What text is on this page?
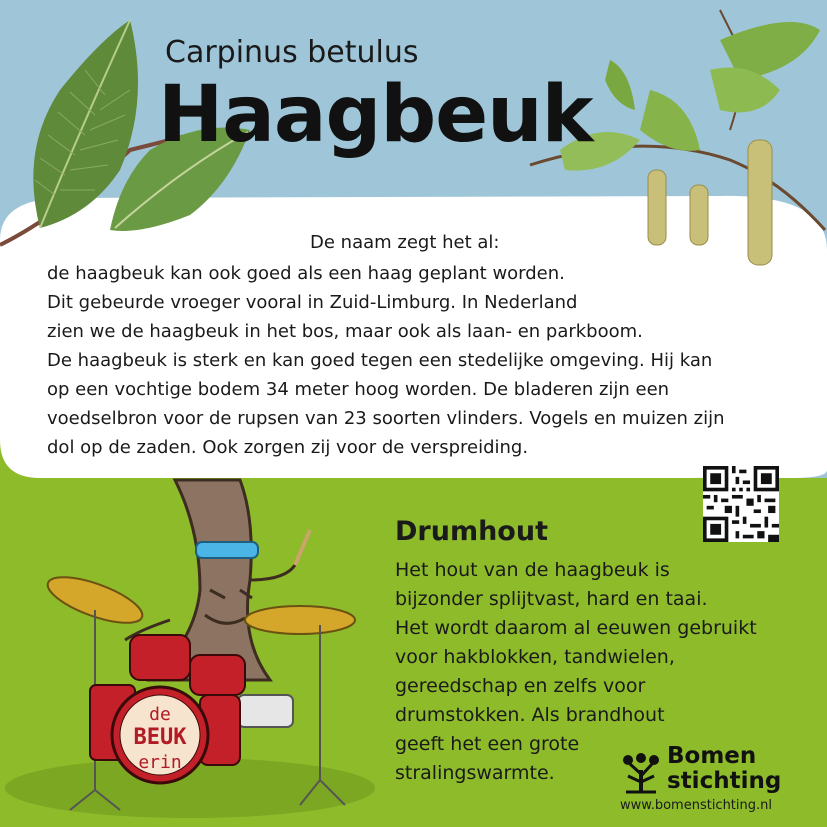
Carpinus betulus
Haagbeuk
De naam zegt het al:
de haagbeuk kan ook goed als een haag geplant worden.
Dit gebeurde vroeger vooral in Zuid-Limburg. In Nederland
zien we de haagbeuk in het bos, maar ook als laan- en parkboom.
De haagbeuk is sterk en kan goed tegen een stedelijke omgeving. Hij kan
op een vochtige bodem 34 meter hoog worden. De bladeren zijn een
voedselbron voor de rupsen van 23 soorten vlinders. Vogels en muizen zijn
dol op de zaden. Ook zorgen zij voor de verspreiding.
Drumhout
Het hout van de haagbeuk is
bijzonder splijtvast, hard en taai.
Het wordt daarom al eeuwen gebruikt
voor hakblokken, tandwielen,
gereedschap en zelfs voor
drumstokken. Als brandhout
geeft het een grote
stralingswarmte.
de
BEUK
erin	Bomen
stichting
www.bomenstichting.nl
